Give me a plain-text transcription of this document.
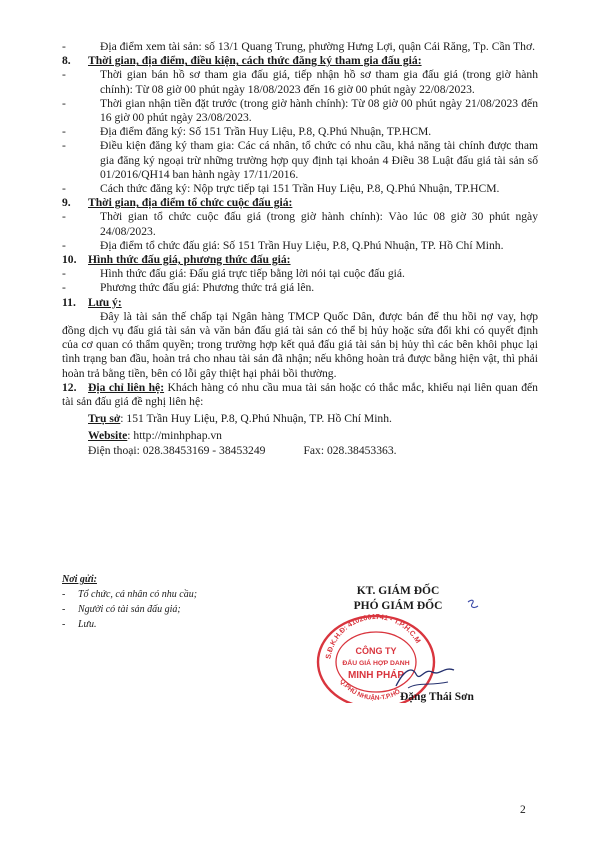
-	Địa điểm xem tài sản: số 13/1 Quang Trung, phường Hưng Lợi, quận Cái Răng, Tp. Cần Thơ.
8.	Thời gian, địa điểm, điều kiện, cách thức đăng ký tham gia đấu giá:
-	Thời gian bán hồ sơ tham gia đấu giá, tiếp nhận hồ sơ tham gia đấu giá (trong giờ hành chính): Từ 08 giờ 00 phút ngày 18/08/2023 đến 16 giờ 00 phút ngày 22/08/2023.
-	Thời gian nhận tiền đặt trước (trong giờ hành chính): Từ 08 giờ 00 phút ngày 21/08/2023 đến 16 giờ 00 phút ngày 23/08/2023.
-	Địa điểm đăng ký: Số 151 Trần Huy Liệu, P.8, Q.Phú Nhuận, TP.HCM.
-	Điều kiện đăng ký tham gia: Các cá nhân, tổ chức có nhu cầu, khả năng tài chính được tham gia đăng ký ngoại trừ những trường hợp quy định tại khoản 4 Điều 38 Luật đấu giá tài sản số 01/2016/QH14 ban hành ngày 17/11/2016.
-	Cách thức đăng ký: Nộp trực tiếp tại 151 Trần Huy Liệu, P.8, Q.Phú Nhuận, TP.HCM.
9.	Thời gian, địa điểm tổ chức cuộc đấu giá:
-	Thời gian tổ chức cuộc đấu giá (trong giờ hành chính): Vào lúc 08 giờ 30 phút ngày 24/08/2023.
-	Địa điểm tổ chức đấu giá: Số 151 Trần Huy Liệu, P.8, Q.Phú Nhuận, TP. Hồ Chí Minh.
10. Hình thức đấu giá, phương thức đấu giá:
-	Hình thức đấu giá: Đấu giá trực tiếp bằng lời nói tại cuộc đấu giá.
-	Phương thức đấu giá: Phương thức trả giá lên.
11.	Lưu ý:

Đây là tài sản thế chấp tại Ngân hàng TMCP Quốc Dân, được bán để thu hồi nợ vay, hợp đồng dịch vụ đấu giá tài sản và văn bản đấu giá tài sản có thể bị hủy hoặc sửa đổi khi có quyết định của cơ quan có thẩm quyền; trong trường hợp kết quả đấu giá tài sản bị hủy thì các bên khôi phục lại tình trạng ban đầu, hoàn trả cho nhau tài sản đã nhận; nếu không hoàn trả được bằng hiện vật, thì phải hoàn trả bằng tiền, bên có lỗi gây thiệt hại phải bồi thường.

12. Địa chỉ liên hệ: Khách hàng có nhu cầu mua tài sản hoặc có thắc mắc, khiếu nại liên quan đến tài sản đấu giá đề nghị liên hệ:

Trụ sở: 151 Trần Huy Liệu, P.8, Q.Phú Nhuận, TP. Hồ Chí Minh.

Website: http://minhphap.vn

Điện thoại: 028.38453169 - 38453249	Fax: 028.38453363.

Nơi gửi:

-	Tổ chức, cá nhân có nhu cầu;
-	Người có tài sản đấu giá;
-	Lưu.
S.Đ.K.H.Đ: 4102001741 - T.P.H.C.M
Q.PHÚ NHUẬN-T.P.HỒ
CÔNG TY
ĐẤU GIÁ HỢP DANH
MINH PHÁP

KT. GIÁM ĐỐC

PHÓ GIÁM ĐỐC

Đặng Thái Sơn

2
